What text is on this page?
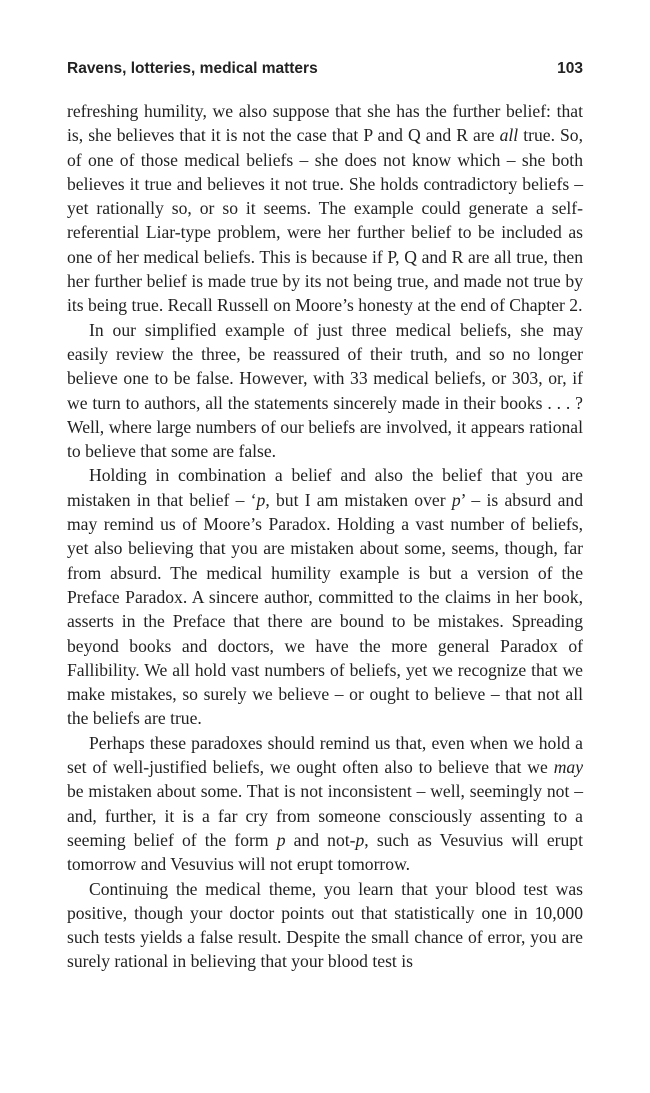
Ravens, lotteries, medical matters	103

refreshing humility, we also suppose that she has the further belief: that is, she believes that it is not the case that P and Q and R are all true. So, of one of those medical beliefs – she does not know which – she both believes it true and believes it not true. She holds contradictory beliefs – yet rationally so, or so it seems. The example could generate a self-referential Liar-type problem, were her further belief to be included as one of her medical beliefs. This is because if P, Q and R are all true, then her further belief is made true by its not being true, and made not true by its being true. Recall Russell on Moore’s honesty at the end of Chapter 2.

In our simplified example of just three medical beliefs, she may easily review the three, be reassured of their truth, and so no longer believe one to be false. However, with 33 medical beliefs, or 303, or, if we turn to authors, all the statements sincerely made in their books . . . ? Well, where large numbers of our beliefs are involved, it appears rational to believe that some are false.

Holding in combination a belief and also the belief that you are mistaken in that belief – ‘p, but I am mistaken over p’ – is absurd and may remind us of Moore’s Paradox. Holding a vast number of beliefs, yet also believing that you are mistaken about some, seems, though, far from absurd. The medical humility example is but a version of the Preface Paradox. A sincere author, committed to the claims in her book, asserts in the Preface that there are bound to be mistakes. Spreading beyond books and doctors, we have the more general Paradox of Fallibility. We all hold vast numbers of beliefs, yet we recognize that we make mistakes, so surely we believe – or ought to believe – that not all the beliefs are true.

Perhaps these paradoxes should remind us that, even when we hold a set of well-justified beliefs, we ought often also to believe that we may be mistaken about some. That is not inconsistent – well, seemingly not – and, further, it is a far cry from someone consciously assenting to a seeming belief of the form p and not-p, such as Vesuvius will erupt tomorrow and Vesuvius will not erupt tomorrow.

Continuing the medical theme, you learn that your blood test was positive, though your doctor points out that statistically one in 10,000 such tests yields a false result. Despite the small chance of error, you are surely rational in believing that your blood test is
